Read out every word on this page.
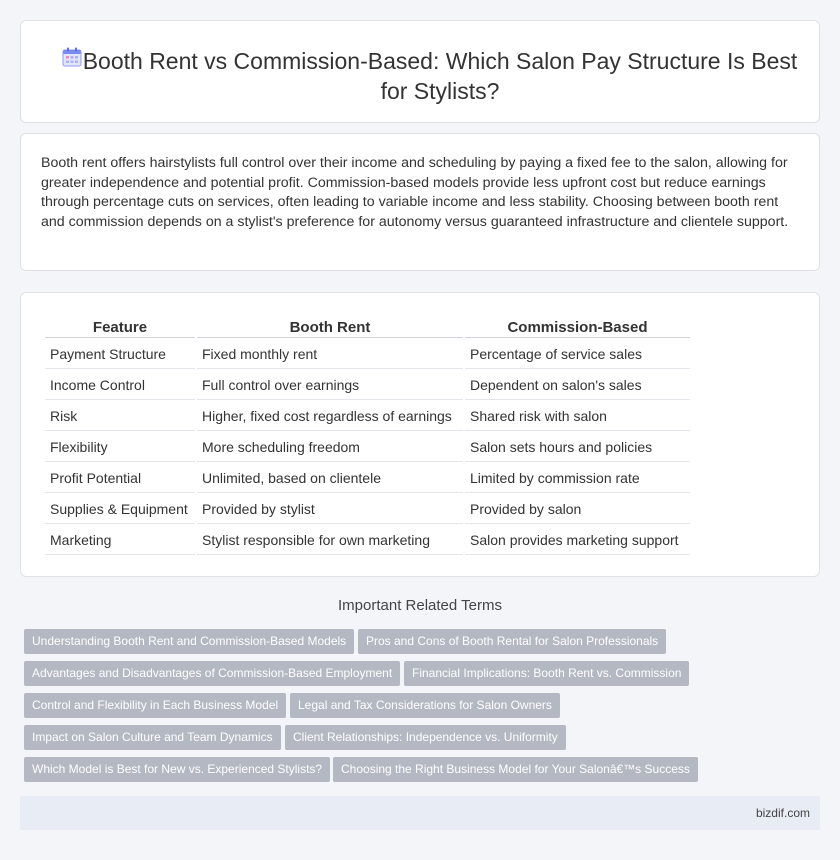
Booth Rent vs Commission-Based: Which Salon Pay Structure Is Best for Stylists?

Booth rent offers hairstylists full control over their income and scheduling by paying a fixed fee to the salon, allowing for greater independence and potential profit. Commission-based models provide less upfront cost but reduce earnings through percentage cuts on services, often leading to variable income and less stability. Choosing between booth rent and commission depends on a stylist's preference for autonomy versus guaranteed infrastructure and clientele support.

Feature	Booth Rent	Commission-Based
Payment Structure	Fixed monthly rent	Percentage of service sales
Income Control	Full control over earnings	Dependent on salon's sales
Risk	Higher, fixed cost regardless of earnings	Shared risk with salon
Flexibility	More scheduling freedom	Salon sets hours and policies
Profit Potential	Unlimited, based on clientele	Limited by commission rate
Supplies & Equipment	Provided by stylist	Provided by salon
Marketing	Stylist responsible for own marketing	Salon provides marketing support
Important Related Terms
Understanding Booth Rent and Commission-Based Models	Pros and Cons of Booth Rental for Salon Professionals
Advantages and Disadvantages of Commission-Based Employment	Financial Implications: Booth Rent vs. Commission
Control and Flexibility in Each Business Model	Legal and Tax Considerations for Salon Owners
Impact on Salon Culture and Team Dynamics	Client Relationships: Independence vs. Uniformity
Which Model is Best for New vs. Experienced Stylists?	Choosing the Right Business Model for Your Salonâ€™s Success
bizdif.com
